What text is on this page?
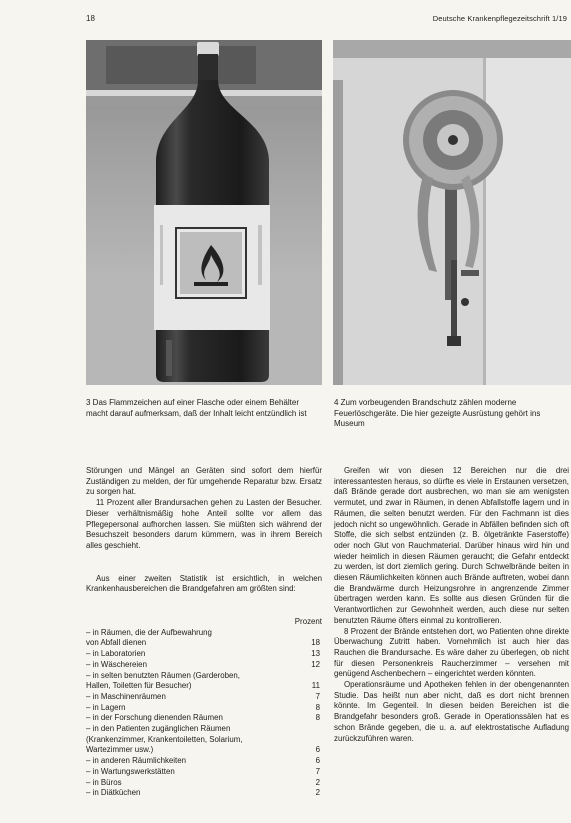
18	Deutsche Krankenpflegezeitschrift 1/19
3 Das Flammzeichen auf einer Flasche oder einem Behälter macht darauf aufmerksam, daß der Inhalt leicht entzündlich ist
4 Zum vorbeugenden Brandschutz zählen moderne Feuerlöschgeräte. Die hier gezeigte Ausrüstung gehört ins Museum

Störungen und Mängel an Geräten sind sofort dem hierfür Zuständigen zu melden, der für umgehende Reparatur bzw. Ersatz zu sorgen hat.

11 Prozent aller Brandursachen gehen zu Lasten der Besucher. Dieser verhältnismäßig hohe Anteil sollte vor allem das Pflegepersonal aufhorchen lassen. Sie müßten sich während der Besuchszeit besonders darum kümmern, was in ihrem Bereich alles geschieht.

Aus einer zweiten Statistik ist ersichtlich, in welchen Krankenhausbereichen die Brandgefahren am größten sind:

Prozent
– in Räumen, die der Aufbewahrung
von Abfall dienen	18
– in Laboratorien	13
– in Wäschereien	12
– in selten benutzten Räumen (Garderoben,
Hallen, Toiletten für Besucher)	11
– in Maschinenräumen	7
– in Lagern	8
– in der Forschung dienenden Räumen	8
– in den Patienten zugänglichen Räumen
(Krankenzimmer, Krankentoiletten, Solarium,
Wartezimmer usw.)	6
– in anderen Räumlichkeiten	6
– in Wartungswerkstätten	7
– in Büros	2
– in Diätküchen	2

Greifen wir von diesen 12 Bereichen nur die drei interessantesten heraus, so dürfte es viele in Erstaunen versetzen, daß Brände gerade dort ausbrechen, wo man sie am wenigsten vermutet, und zwar in Räumen, in denen Abfallstoffe lagern und in Räumen, die selten benutzt werden. Für den Fachmann ist dies jedoch nicht so ungewöhnlich. Gerade in Abfällen befinden sich oft Stoffe, die sich selbst entzünden (z. B. ölgetränkte Faserstoffe) oder noch Glut von Rauchmaterial. Darüber hinaus wird hin und wieder heimlich in diesen Räumen geraucht; die Gefahr entdeckt zu werden, ist dort ziemlich gering. Durch Schwelbrände beiten in diesen Räumlichkeiten können auch Brände auftreten, wobei dann die Brandwärme durch Heizungsrohre in angrenzende Zimmer übertragen werden kann. Es sollte aus diesen Gründen für die Verantwortlichen zur Gewohnheit werden, auch diese nur selten benutzten Räume öfters einmal zu kontrollieren.

8 Prozent der Brände entstehen dort, wo Patienten ohne direkte Überwachung Zutritt haben. Vornehmlich ist auch hier das Rauchen die Brandursache. Es wäre daher zu überlegen, ob nicht für diesen Personenkreis Raucherzimmer – versehen mit genügend Aschenbechern – eingerichtet werden könnten.

Operationsräume und Apotheken fehlen in der obengenannten Studie. Das heißt nun aber nicht, daß es dort nicht brennen könnte. Im Gegenteil. In diesen beiden Bereichen ist die Brandgefahr besonders groß. Gerade in Operationssälen hat es schon Brände gegeben, die u. a. auf elektrostatische Aufladung zurückzuführen waren.
